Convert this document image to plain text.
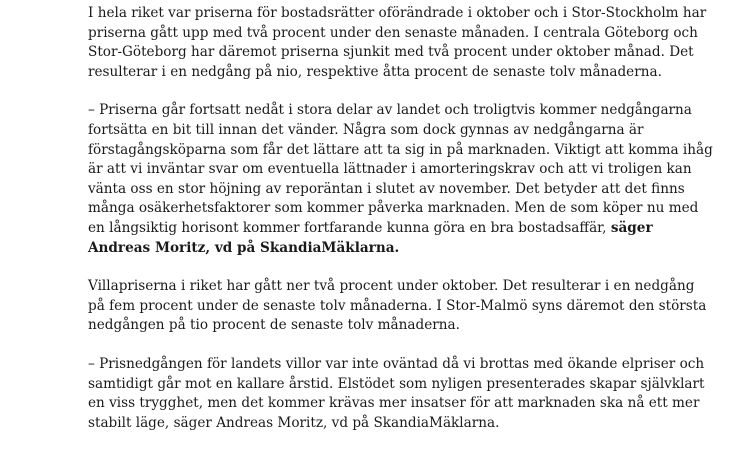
I hela riket var priserna för bostadsrätter oförändrade i oktober och i Stor-Stockholm har
priserna gått upp med två procent under den senaste månaden. I centrala Göteborg och
Stor-Göteborg har däremot priserna sjunkit med två procent under oktober månad. Det
resulterar i en nedgång på nio, respektive åtta procent de senaste tolv månaderna.

– Priserna går fortsatt nedåt i stora delar av landet och troligtvis kommer nedgångarna
fortsätta en bit till innan det vänder. Några som dock gynnas av nedgångarna är
förstagångsköparna som får det lättare att ta sig in på marknaden. Viktigt att komma ihåg
är att vi inväntar svar om eventuella lättnader i amorteringskrav och att vi troligen kan
vänta oss en stor höjning av reporäntan i slutet av november. Det betyder att det finns
många osäkerhetsfaktorer som kommer påverka marknaden. Men de som köper nu med
en långsiktig horisont kommer fortfarande kunna göra en bra bostadsaffär, säger
Andreas Moritz, vd på SkandiaMäklarna.

Villapriserna i riket har gått ner två procent under oktober. Det resulterar i en nedgång
på fem procent under de senaste tolv månaderna. I Stor-Malmö syns däremot den största
nedgången på tio procent de senaste tolv månaderna.

– Prisnedgången för landets villor var inte oväntad då vi brottas med ökande elpriser och
samtidigt går mot en kallare årstid. Elstödet som nyligen presenterades skapar självklart
en viss trygghet, men det kommer krävas mer insatser för att marknaden ska nå ett mer
stabilt läge, säger Andreas Moritz, vd på SkandiaMäklarna.
